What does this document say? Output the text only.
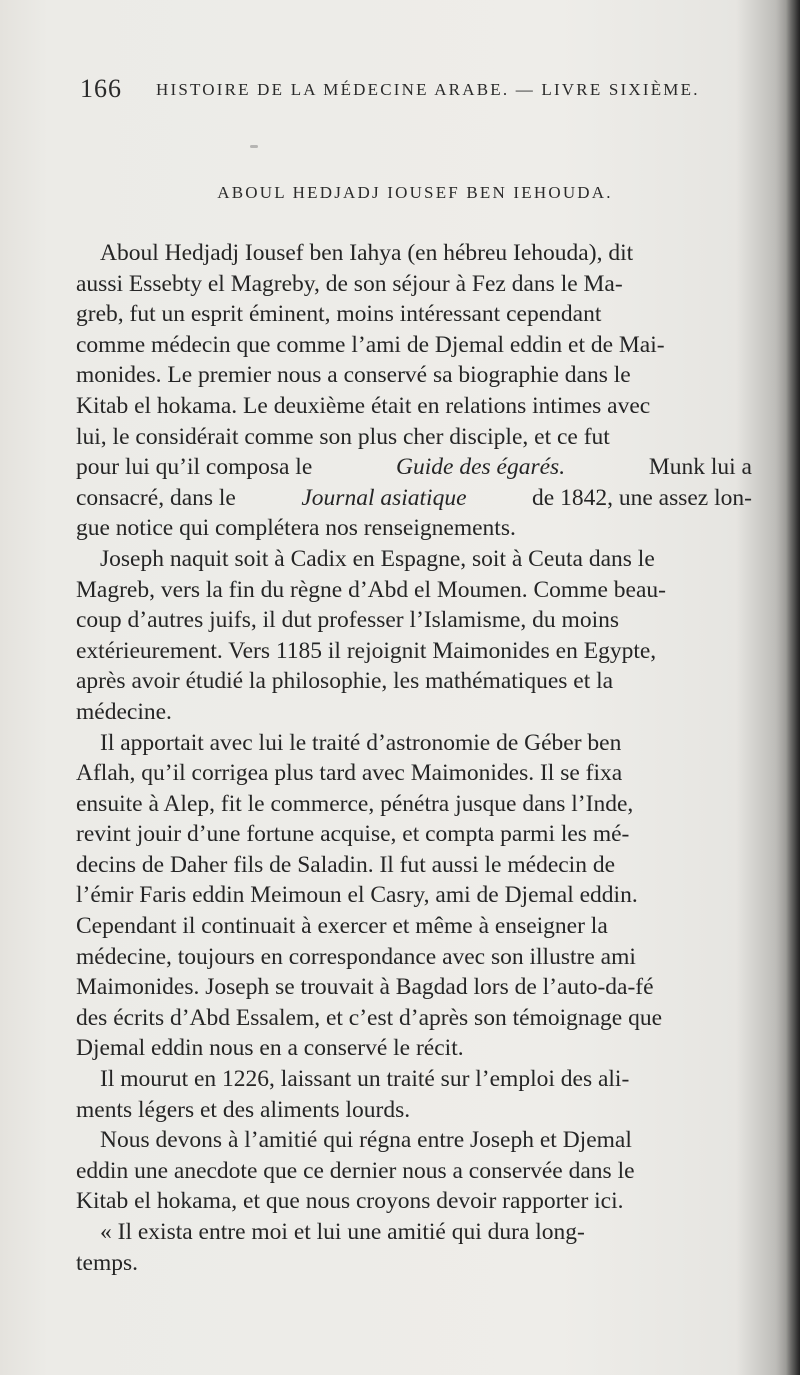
166 HISTOIRE DE LA MÉDECINE ARABE. — LIVRE SIXIÈME.
ABOUL HEDJADJ IOUSEF BEN IEHOUDA.
Aboul Hedjadj Iousef ben Iahya (en hébreu Iehouda), dit
aussi Essebty el Magreby, de son séjour à Fez dans le Ma-
greb, fut un esprit éminent, moins intéressant cependant
comme médecin que comme l’ami de Djemal eddin et de Mai-
monides. Le premier nous a conservé sa biographie dans le
Kitab el hokama. Le deuxième était en relations intimes avec
lui, le considérait comme son plus cher disciple, et ce fut
pour lui qu’il composa le	Guide des égarés.	Munk lui a
consacré, dans le	Journal asiatique	de 1842, une assez lon-
gue notice qui complétera nos renseignements.
Joseph naquit soit à Cadix en Espagne, soit à Ceuta dans le
Magreb, vers la fin du règne d’Abd el Moumen. Comme beau-
coup d’autres juifs, il dut professer l’Islamisme, du moins
extérieurement. Vers 1185 il rejoignit Maimonides en Egypte,
après avoir étudié la philosophie, les mathématiques et la
médecine.
Il apportait avec lui le traité d’astronomie de Géber ben
Aflah, qu’il corrigea plus tard avec Maimonides. Il se fixa
ensuite à Alep, fit le commerce, pénétra jusque dans l’Inde,
revint jouir d’une fortune acquise, et compta parmi les mé-
decins de Daher fils de Saladin. Il fut aussi le médecin de
l’émir Faris eddin Meimoun el Casry, ami de Djemal eddin.
Cependant il continuait à exercer et même à enseigner la
médecine, toujours en correspondance avec son illustre ami
Maimonides. Joseph se trouvait à Bagdad lors de l’auto-da-fé
des écrits d’Abd Essalem, et c’est d’après son témoignage que
Djemal eddin nous en a conservé le récit.
Il mourut en 1226, laissant un traité sur l’emploi des ali-
ments légers et des aliments lourds.
Nous devons à l’amitié qui régna entre Joseph et Djemal
eddin une anecdote que ce dernier nous a conservée dans le
Kitab el hokama, et que nous croyons devoir rapporter ici.
« Il exista entre moi et lui une amitié qui dura long-
temps.
